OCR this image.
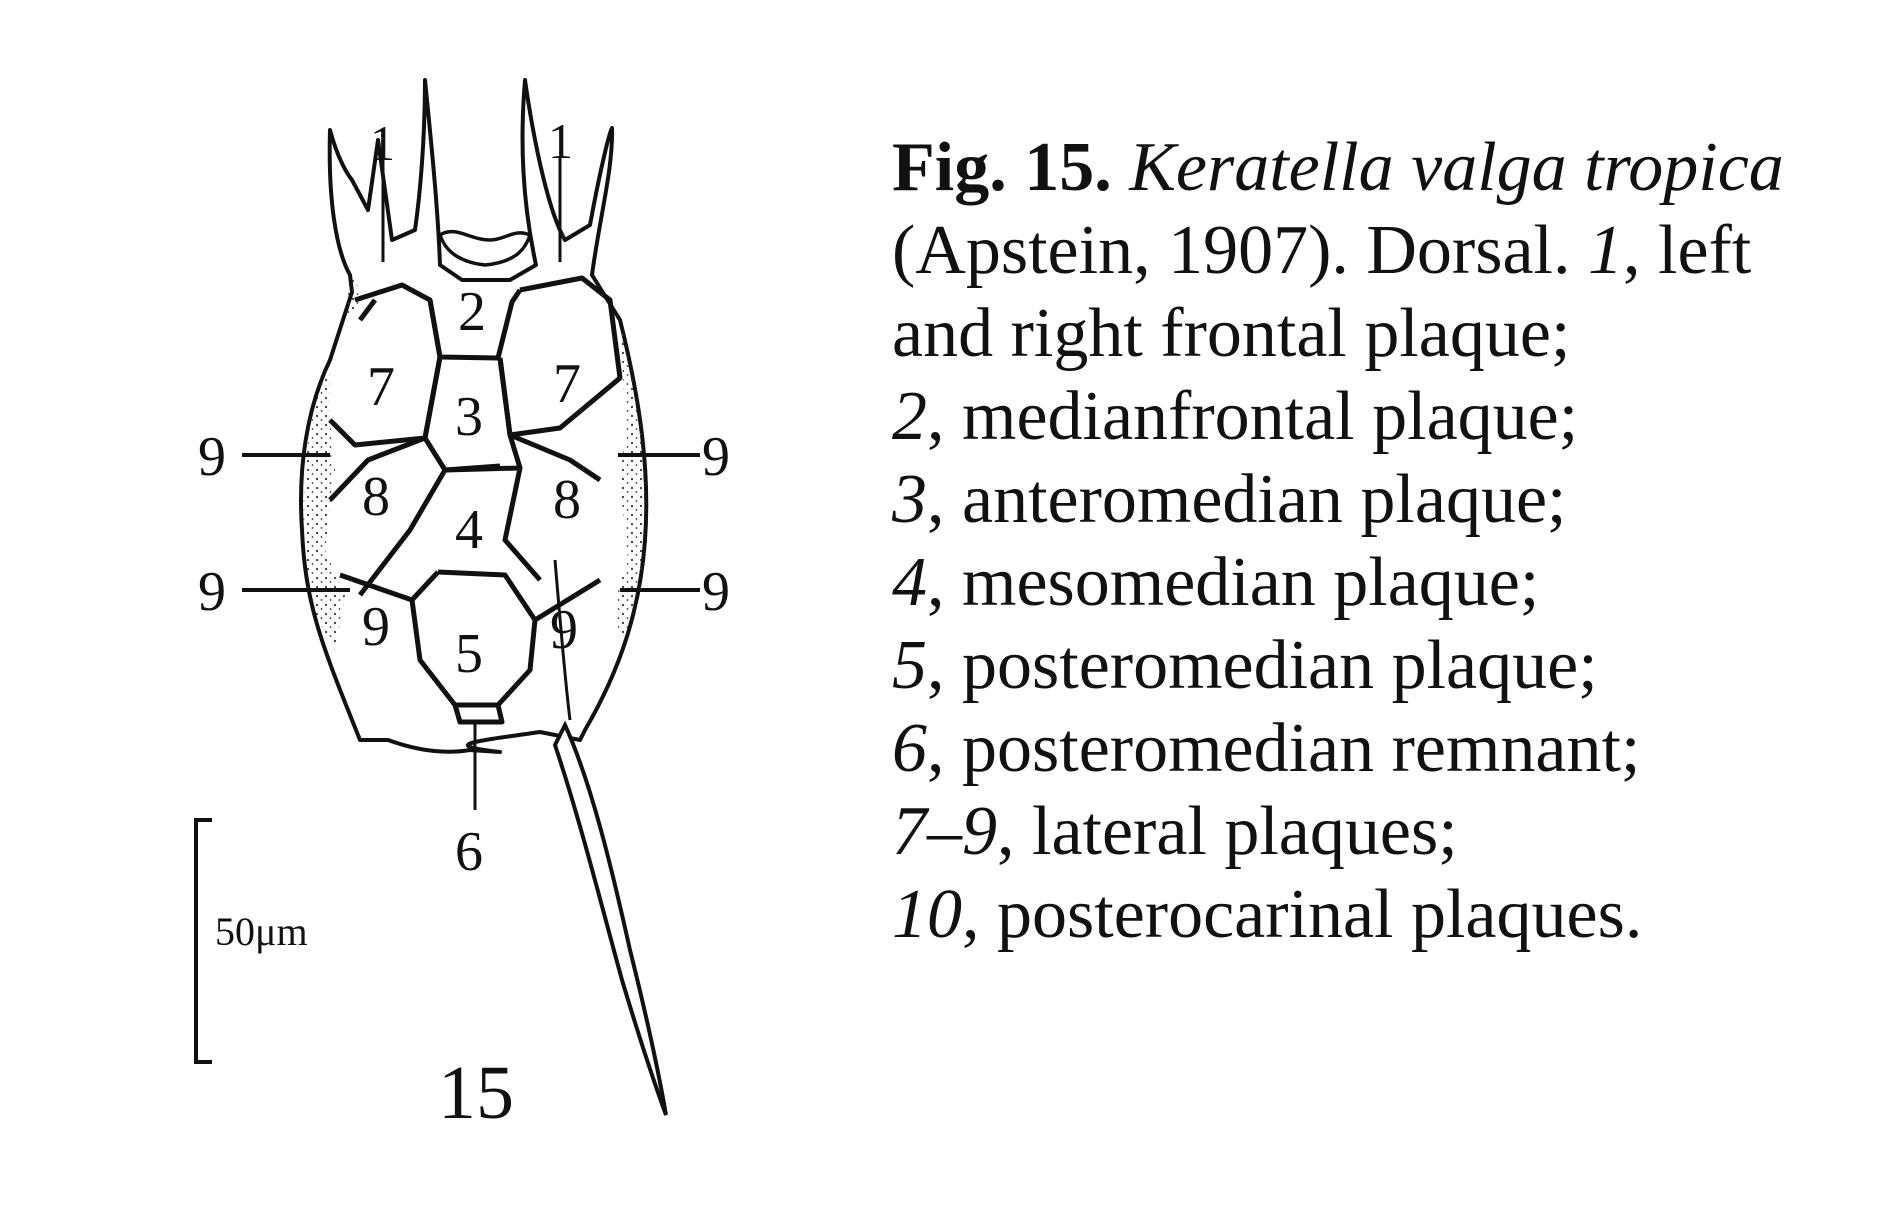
1	1
2
3
4
5
6
7	7
8	8
9	9
9
9
9
9
50μm
15
Fig. 15. Keratella valga tropica
(Apstein, 1907). Dorsal. 1, left
and right frontal plaque;
2, medianfrontal plaque;
3, anteromedian plaque;
4, mesomedian plaque;
5, posteromedian plaque;
6, posteromedian remnant;
7–9, lateral plaques;
10, posterocarinal plaques.
